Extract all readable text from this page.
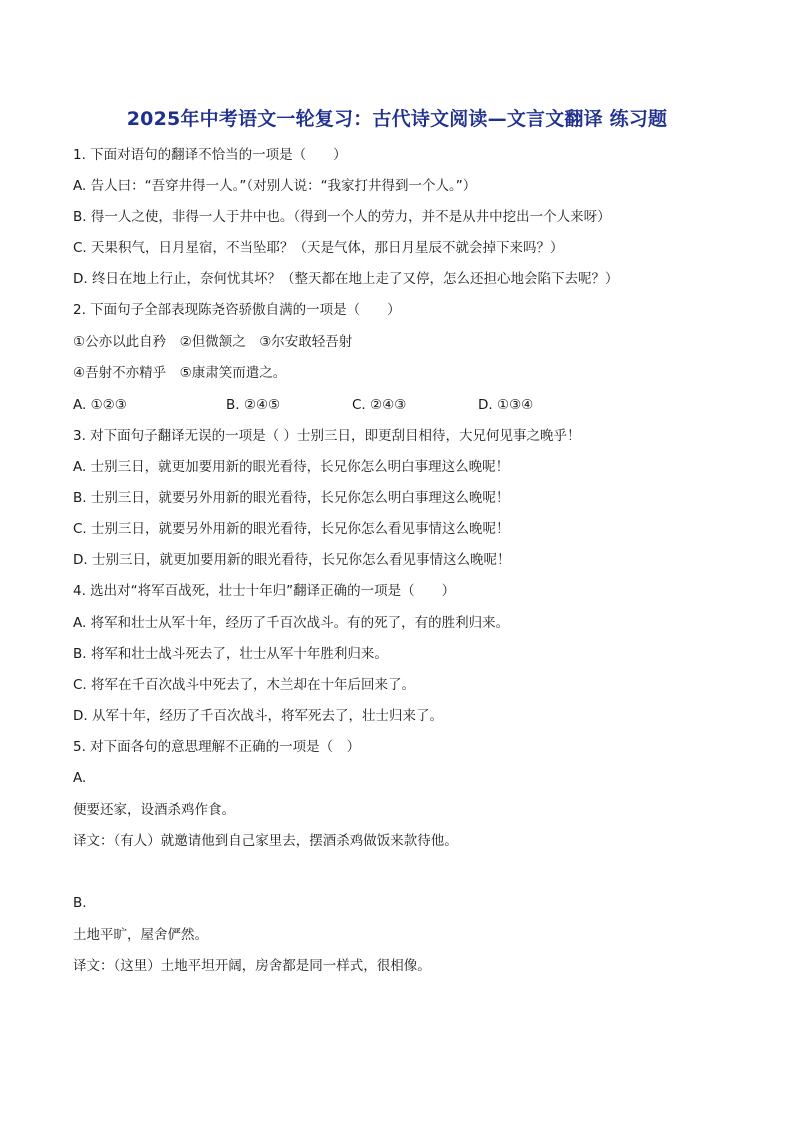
2025年中考语文一轮复习：古代诗文阅读—文言文翻译 练习题
1. 下面对语句的翻译不恰当的一项是（　　）
A. 告人曰：“吾穿井得一人。”（对别人说：“我家打井得到一个人。”）
B. 得一人之使，非得一人于井中也。（得到一个人的劳力，并不是从井中挖出一个人来呀）
C. 天果积气，日月星宿，不当坠耶？（天是气体，那日月星辰不就会掉下来吗？）
D. 终日在地上行止，奈何忧其坏？（整天都在地上走了又停，怎么还担心地会陷下去呢？）
2. 下面句子全部表现陈尧咨骄傲自满的一项是（　　）
①公亦以此自矜　②但微颔之　③尔安敢轻吾射
④吾射不亦精乎　⑤康肃笑而遣之。
A. ①②③	B. ②④⑤	C. ②④③	D. ①③④
3. 对下面句子翻译无误的一项是（ ）士别三日，即更刮目相待，大兄何见事之晚乎！
A. 士别三日，就更加要用新的眼光看待，长兄你怎么明白事理这么晚呢！
B. 士别三日，就要另外用新的眼光看待，长兄你怎么明白事理这么晚呢！
C. 士别三日，就要另外用新的眼光看待，长兄你怎么看见事情这么晚呢！
D. 士别三日，就更加要用新的眼光看待，长兄你怎么看见事情这么晚呢！
4. 选出对“将军百战死，壮士十年归”翻译正确的一项是（　　）
A. 将军和壮士从军十年，经历了千百次战斗。有的死了，有的胜利归来。
B. 将军和壮士战斗死去了，壮士从军十年胜利归来。
C. 将军在千百次战斗中死去了，木兰却在十年后回来了。
D. 从军十年，经历了千百次战斗，将军死去了，壮士归来了。
5. 对下面各句的意思理解不正确的一项是（　）
A.
便要还家，设酒杀鸡作食。
译文：（有人）就邀请他到自己家里去，摆酒杀鸡做饭来款待他。
B.
土地平旷，屋舍俨然。
译文：（这里）土地平坦开阔，房舍都是同一样式，很相像。
